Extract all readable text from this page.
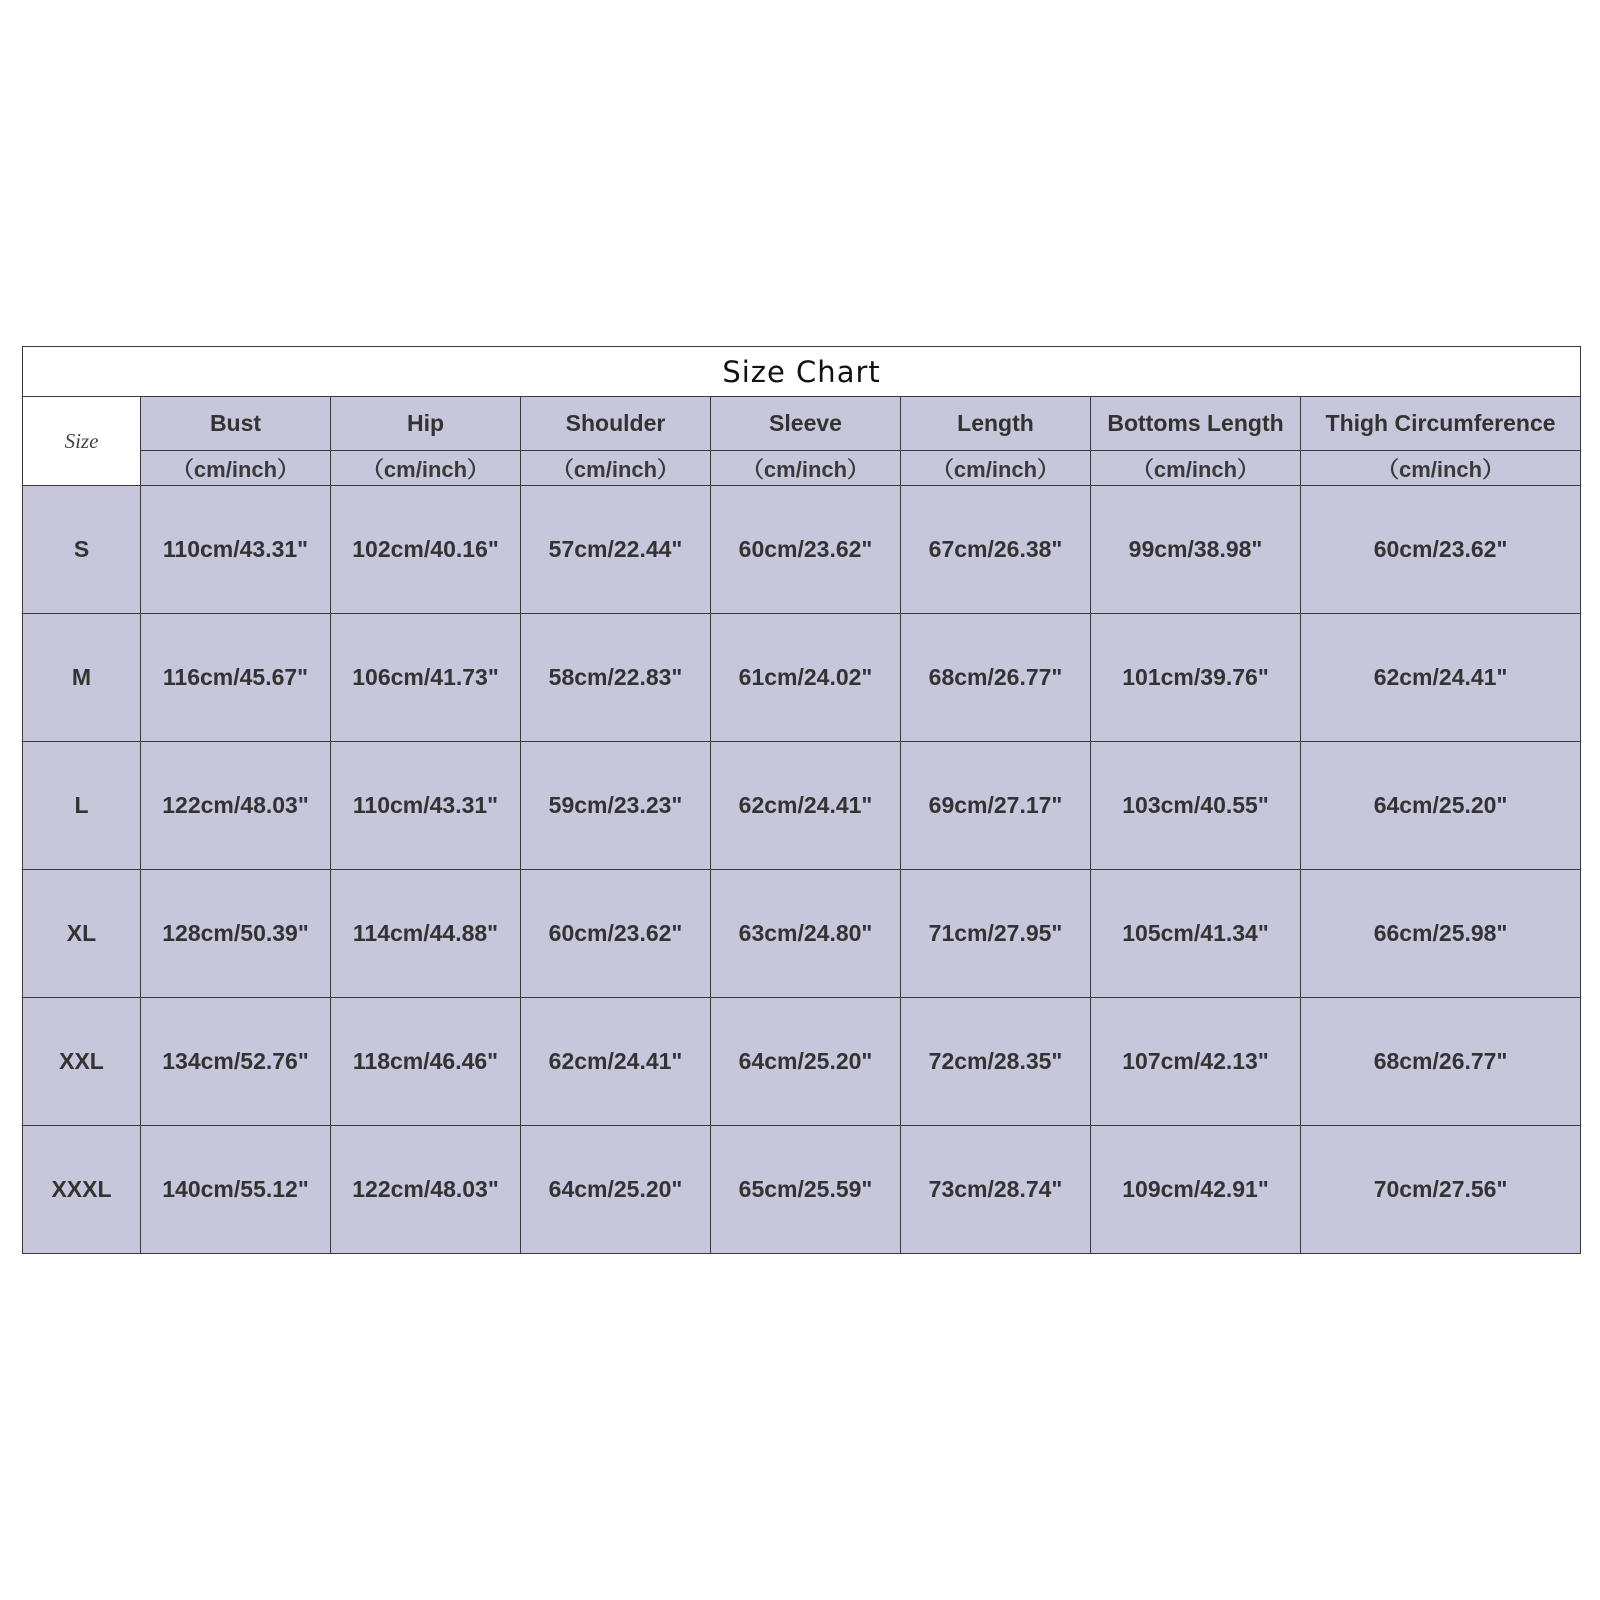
Size Chart							
Size	Bust	Hip	Shoulder	Sleeve	Length	Bottoms Length	Thigh Circumference
	（cm/inch）	（cm/inch）	（cm/inch）	（cm/inch）	（cm/inch）	（cm/inch）	（cm/inch）
S	110cm/43.31"	102cm/40.16"	57cm/22.44"	60cm/23.62"	67cm/26.38"	99cm/38.98"	60cm/23.62"
M	116cm/45.67"	106cm/41.73"	58cm/22.83"	61cm/24.02"	68cm/26.77"	101cm/39.76"	62cm/24.41"
L	122cm/48.03"	110cm/43.31"	59cm/23.23"	62cm/24.41"	69cm/27.17"	103cm/40.55"	64cm/25.20"
XL	128cm/50.39"	114cm/44.88"	60cm/23.62"	63cm/24.80"	71cm/27.95"	105cm/41.34"	66cm/25.98"
XXL	134cm/52.76"	118cm/46.46"	62cm/24.41"	64cm/25.20"	72cm/28.35"	107cm/42.13"	68cm/26.77"
XXXL	140cm/55.12"	122cm/48.03"	64cm/25.20"	65cm/25.59"	73cm/28.74"	109cm/42.91"	70cm/27.56"
